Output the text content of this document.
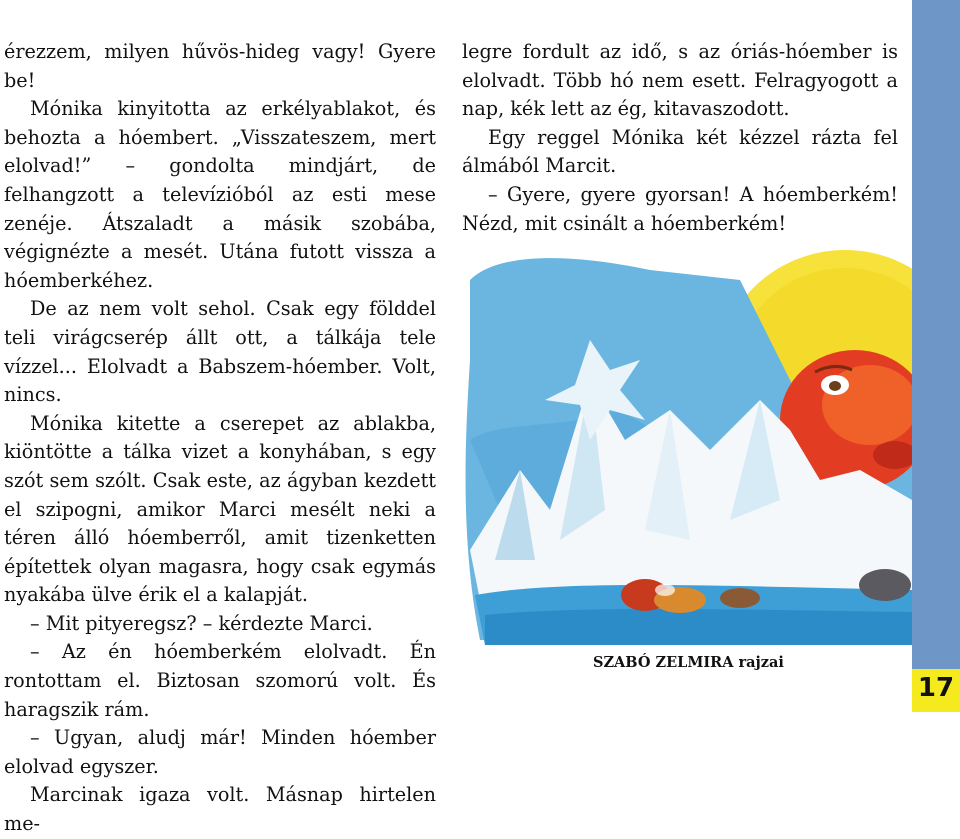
érezzem, milyen hűvös-hideg vagy! Gyere be!

Mónika kinyitotta az erkélyablakot, és behozta a hóembert. „Visszateszem, mert elolvad!” – gondolta mindjárt, de felhangzott a televízióból az esti mese zenéje. Átszaladt a másik szobába, végignézte a mesét. Utána futott vissza a hóemberkéhez.

De az nem volt sehol. Csak egy földdel teli virágcserép állt ott, a tálkája tele vízzel... Elolvadt a Babszem-hóember. Volt, nincs.

Mónika kitette a cserepet az ablakba, kiöntötte a tálka vizet a konyhában, s egy szót sem szólt. Csak este, az ágyban kezdett el szipogni, amikor Marci mesélt neki a téren álló hóemberről, amit tizenketten építettek olyan magasra, hogy csak egymás nyakába ülve érik el a kalapját.

– Mit pityeregsz? – kérdezte Marci.

– Az én hóemberkém elolvadt. Én rontottam el. Biztosan szomorú volt. És haragszik rám.

– Ugyan, aludj már! Minden hóember elolvad egyszer.

Marcinak igaza volt. Másnap hirtelen me-

legre fordult az idő, s az óriás-hóember is elolvadt. Több hó nem esett. Felragyogott a nap, kék lett az ég, kitavaszodott.

Egy reggel Mónika két kézzel rázta fel álmából Marcit.

– Gyere, gyere gyorsan! A hóemberkém! Nézd, mit csinált a hóemberkém!

SZABÓ ZELMIRA rajzai
17
